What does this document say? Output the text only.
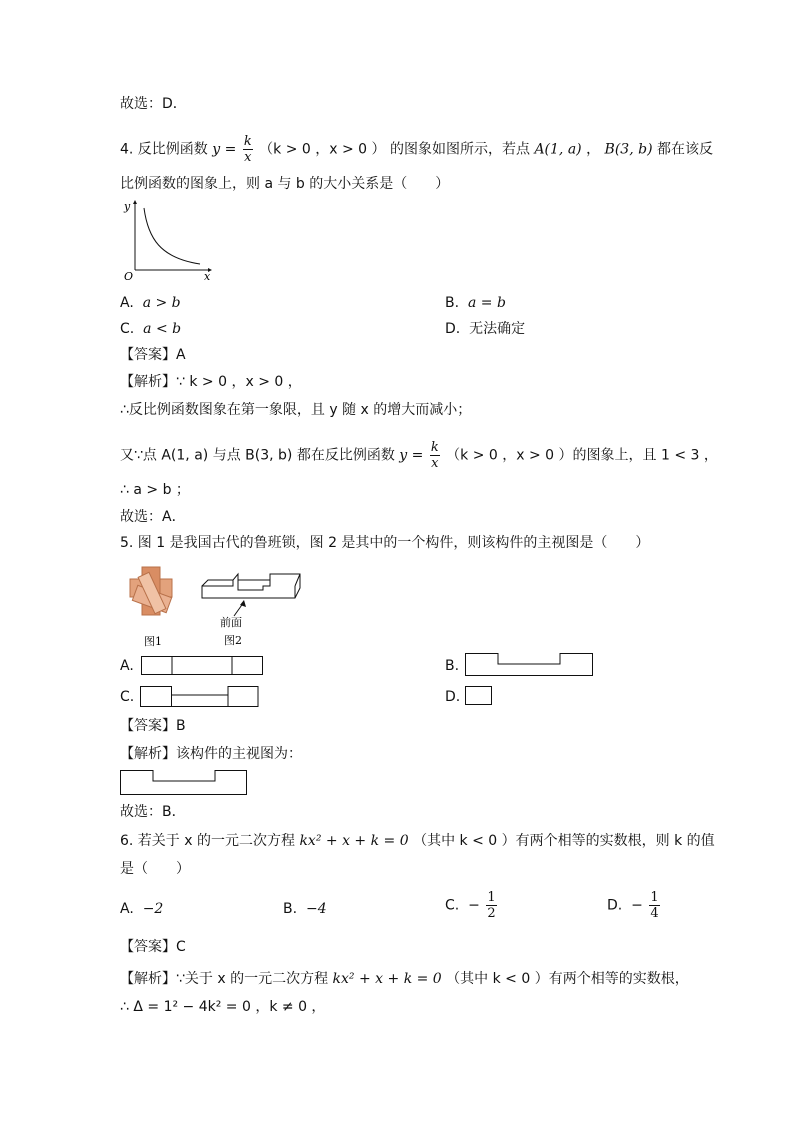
故选：D．
4. 反比例函数 $y = \frac{k}{x} (k > 0$ ，x > 0 ） 的图象如图所示，若点 A(1, a) ， B(3, b) 都在该反
比例函数的图象上，则 a 与 b 的大小关系是（　　）
y
x
O
A. a > b	B. a = b
C. a < b	D. 无法确定
【答案】A
【解析】∵ k > 0 ，x > 0 ，
∴反比例函数图象在第一象限，且 y 随 x 的增大而减小；
又∵点 A(1, a) 与点 B(3, b) 都在反比例函数 $y = \frac{k}{x} (k > 0$ ，x > 0 ）的图象上，且 1 < 3 ，
∴ a > b ；
故选：A．
5. 图 1 是我国古代的鲁班锁，图 2 是其中的一个构件，则该构件的主视图是（　　）
图1
前面
图2
A.	B.
C.	D.
【答案】B
【解析】该构件的主视图为：
故选：B．
6. 若关于 x 的一元二次方程 kx² + x + k = 0 （其中 k < 0 ）有两个相等的实数根，则 k 的值
是（　　）
A. −2	B. −4	C. − $\frac{1}{2}$	D. − $\frac{1}{4}$
【答案】C
【解析】∵关于 x 的一元二次方程 kx² + x + k = 0 （其中 k < 0 ）有两个相等的实数根，
∴ Δ = 1² − 4k² = 0 ，k ≠ 0 ，
